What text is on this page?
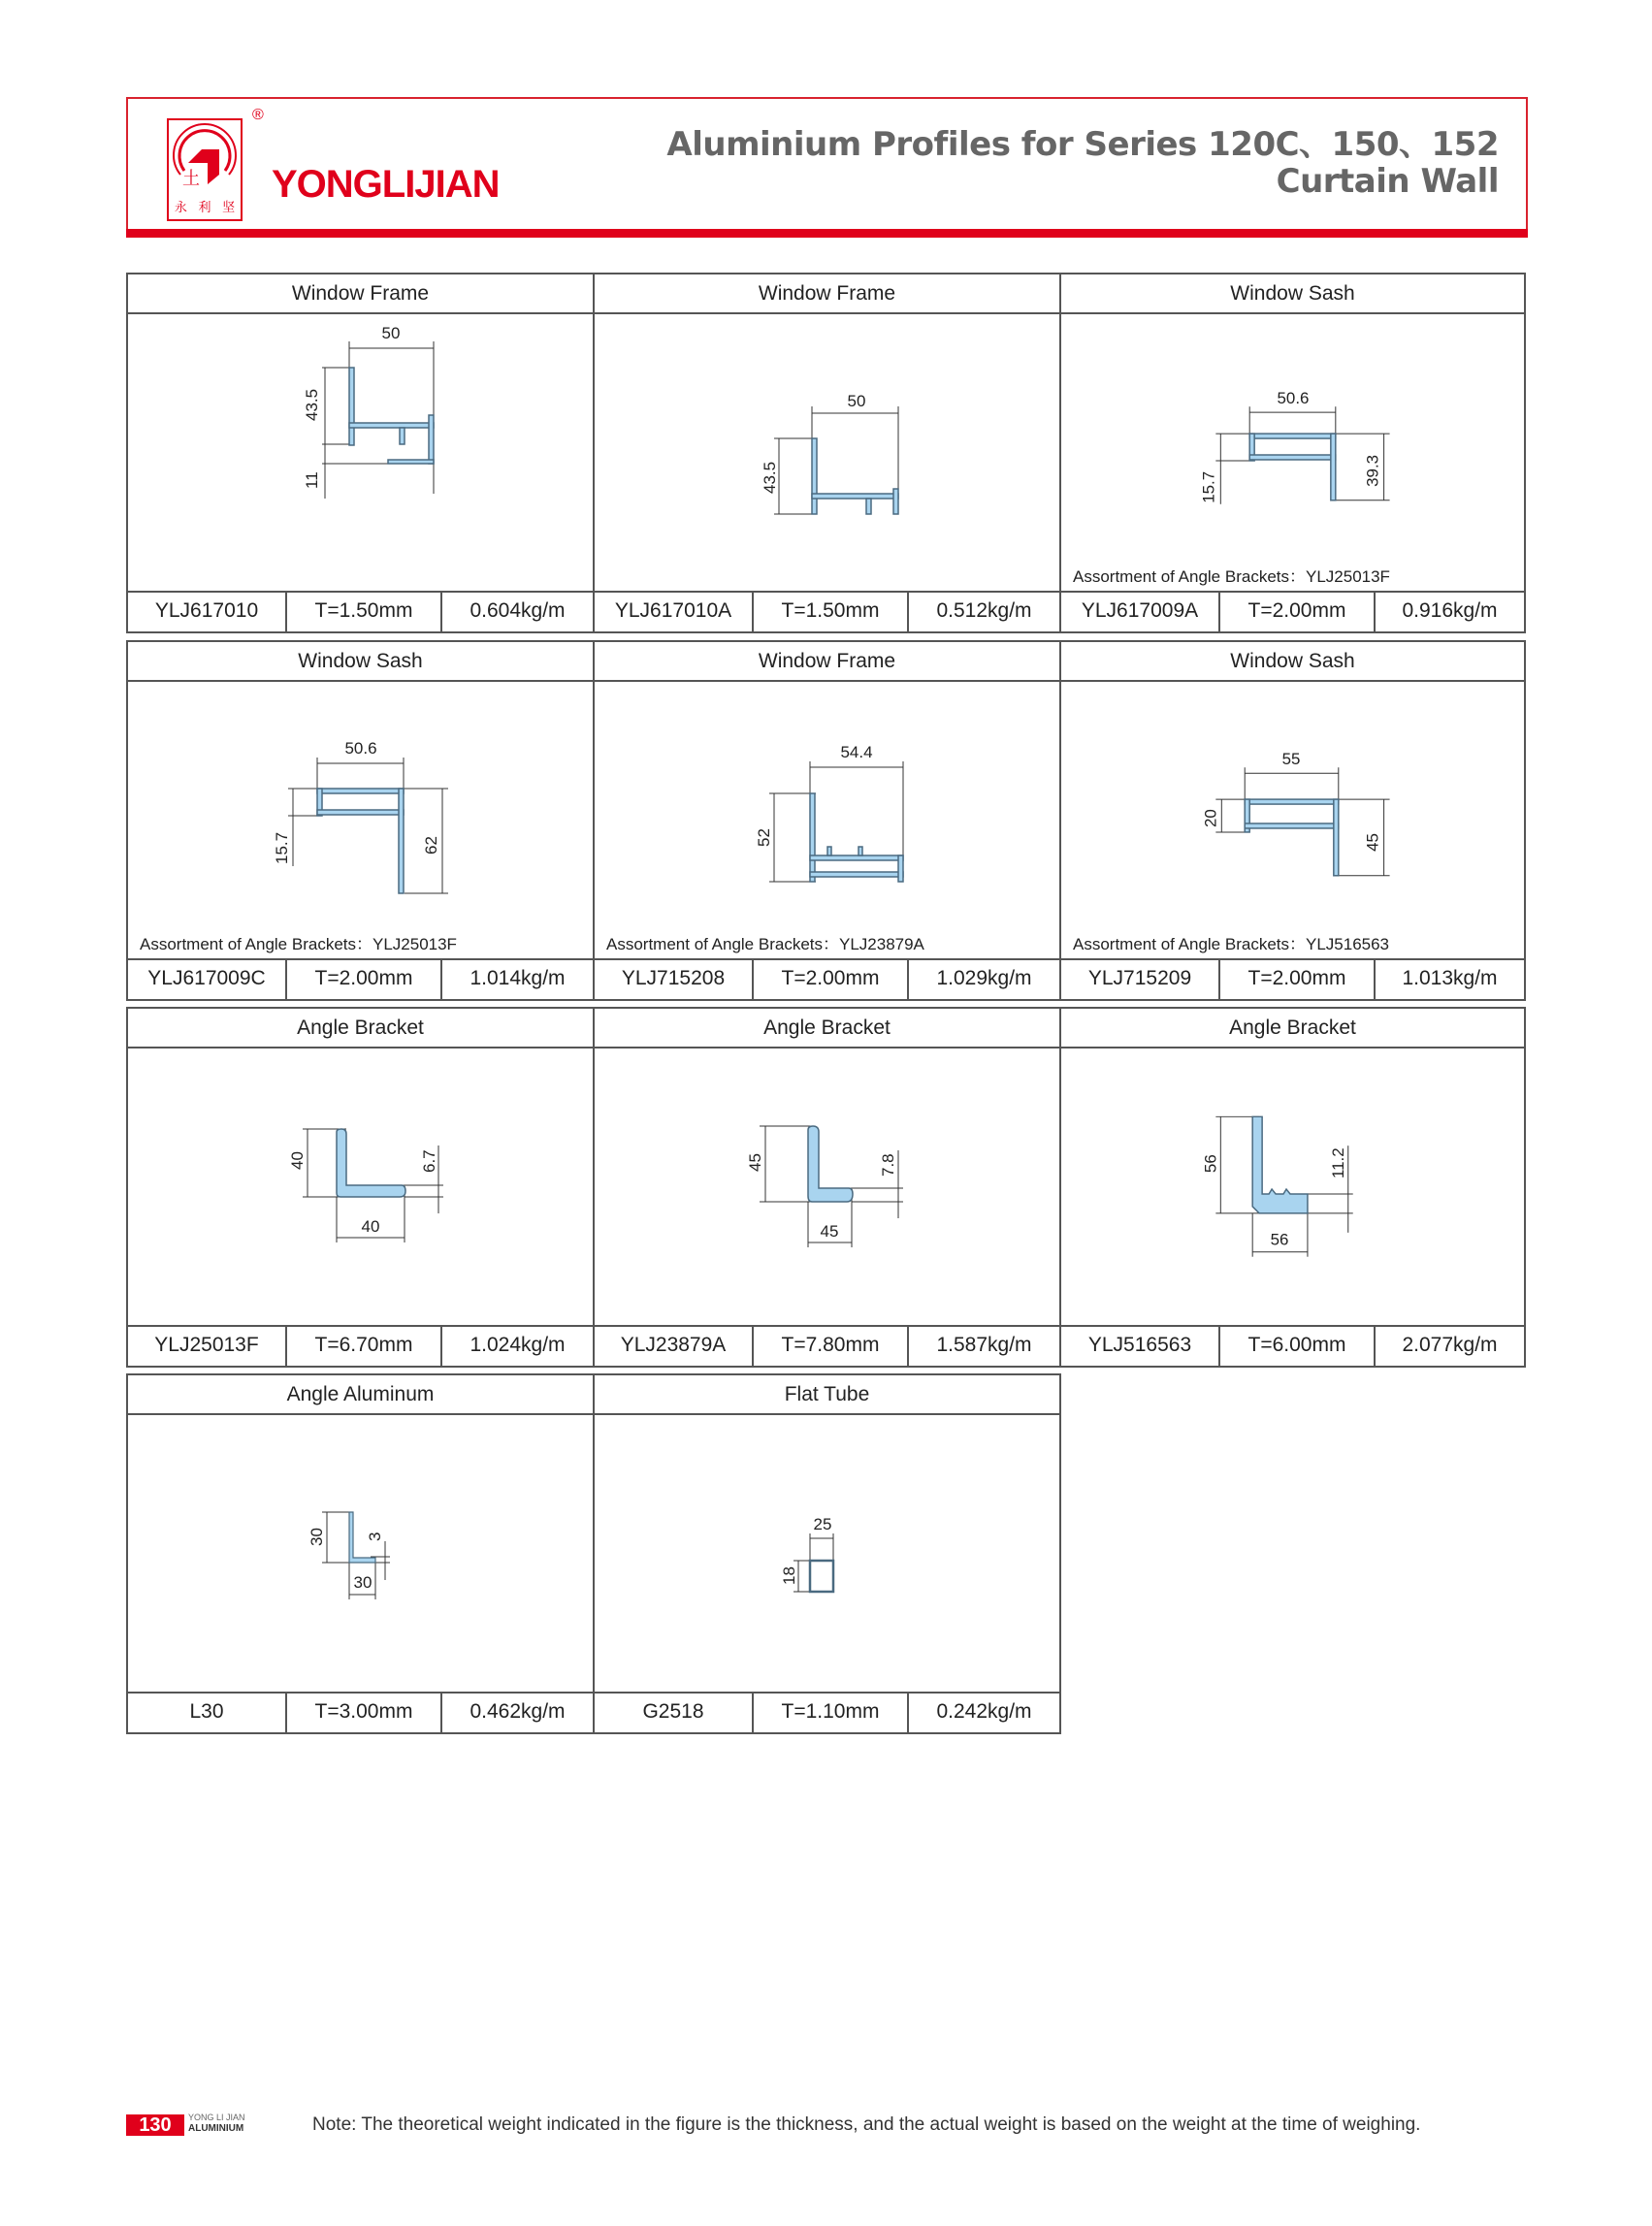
土
永 利 坚
®
YONGLIJIAN
Aluminium Profiles for Series 120C、150、152
Curtain Wall
Window Frame
50
43.5
11
YLJ617010	T=1.50mm	0.604kg/m
Window Frame
50
43.5
YLJ617010A	T=1.50mm	0.512kg/m
Window Sash
50.6
15.7
39.3
Assortment of Angle Brackets：YLJ25013F
YLJ617009A	T=2.00mm	0.916kg/m
Window Sash
50.6
15.7	62
Assortment of Angle Brackets：YLJ25013F
YLJ617009C	T=2.00mm	1.014kg/m
Window Frame
54.4
52
Assortment of Angle Brackets：YLJ23879A
YLJ715208	T=2.00mm	1.029kg/m
Window Sash
55
20
45
Assortment of Angle Brackets：YLJ516563
YLJ715209	T=2.00mm	1.013kg/m
Angle Bracket
40
40
6.7
YLJ25013F	T=6.70mm	1.024kg/m
Angle Bracket
45
45
7.8
YLJ23879A	T=7.80mm	1.587kg/m
Angle Bracket
56
56
11.2
YLJ516563	T=6.00mm	2.077kg/m
Angle Aluminum
30
30
3
L30	T=3.00mm	0.462kg/m
Flat Tube
25
18
G2518	T=1.10mm	0.242kg/m
130	YONG LI JIAN
ALUMINIUM	Note: The theoretical weight indicated in the figure is the thickness, and the actual weight is based on the weight at the time of weighing.
